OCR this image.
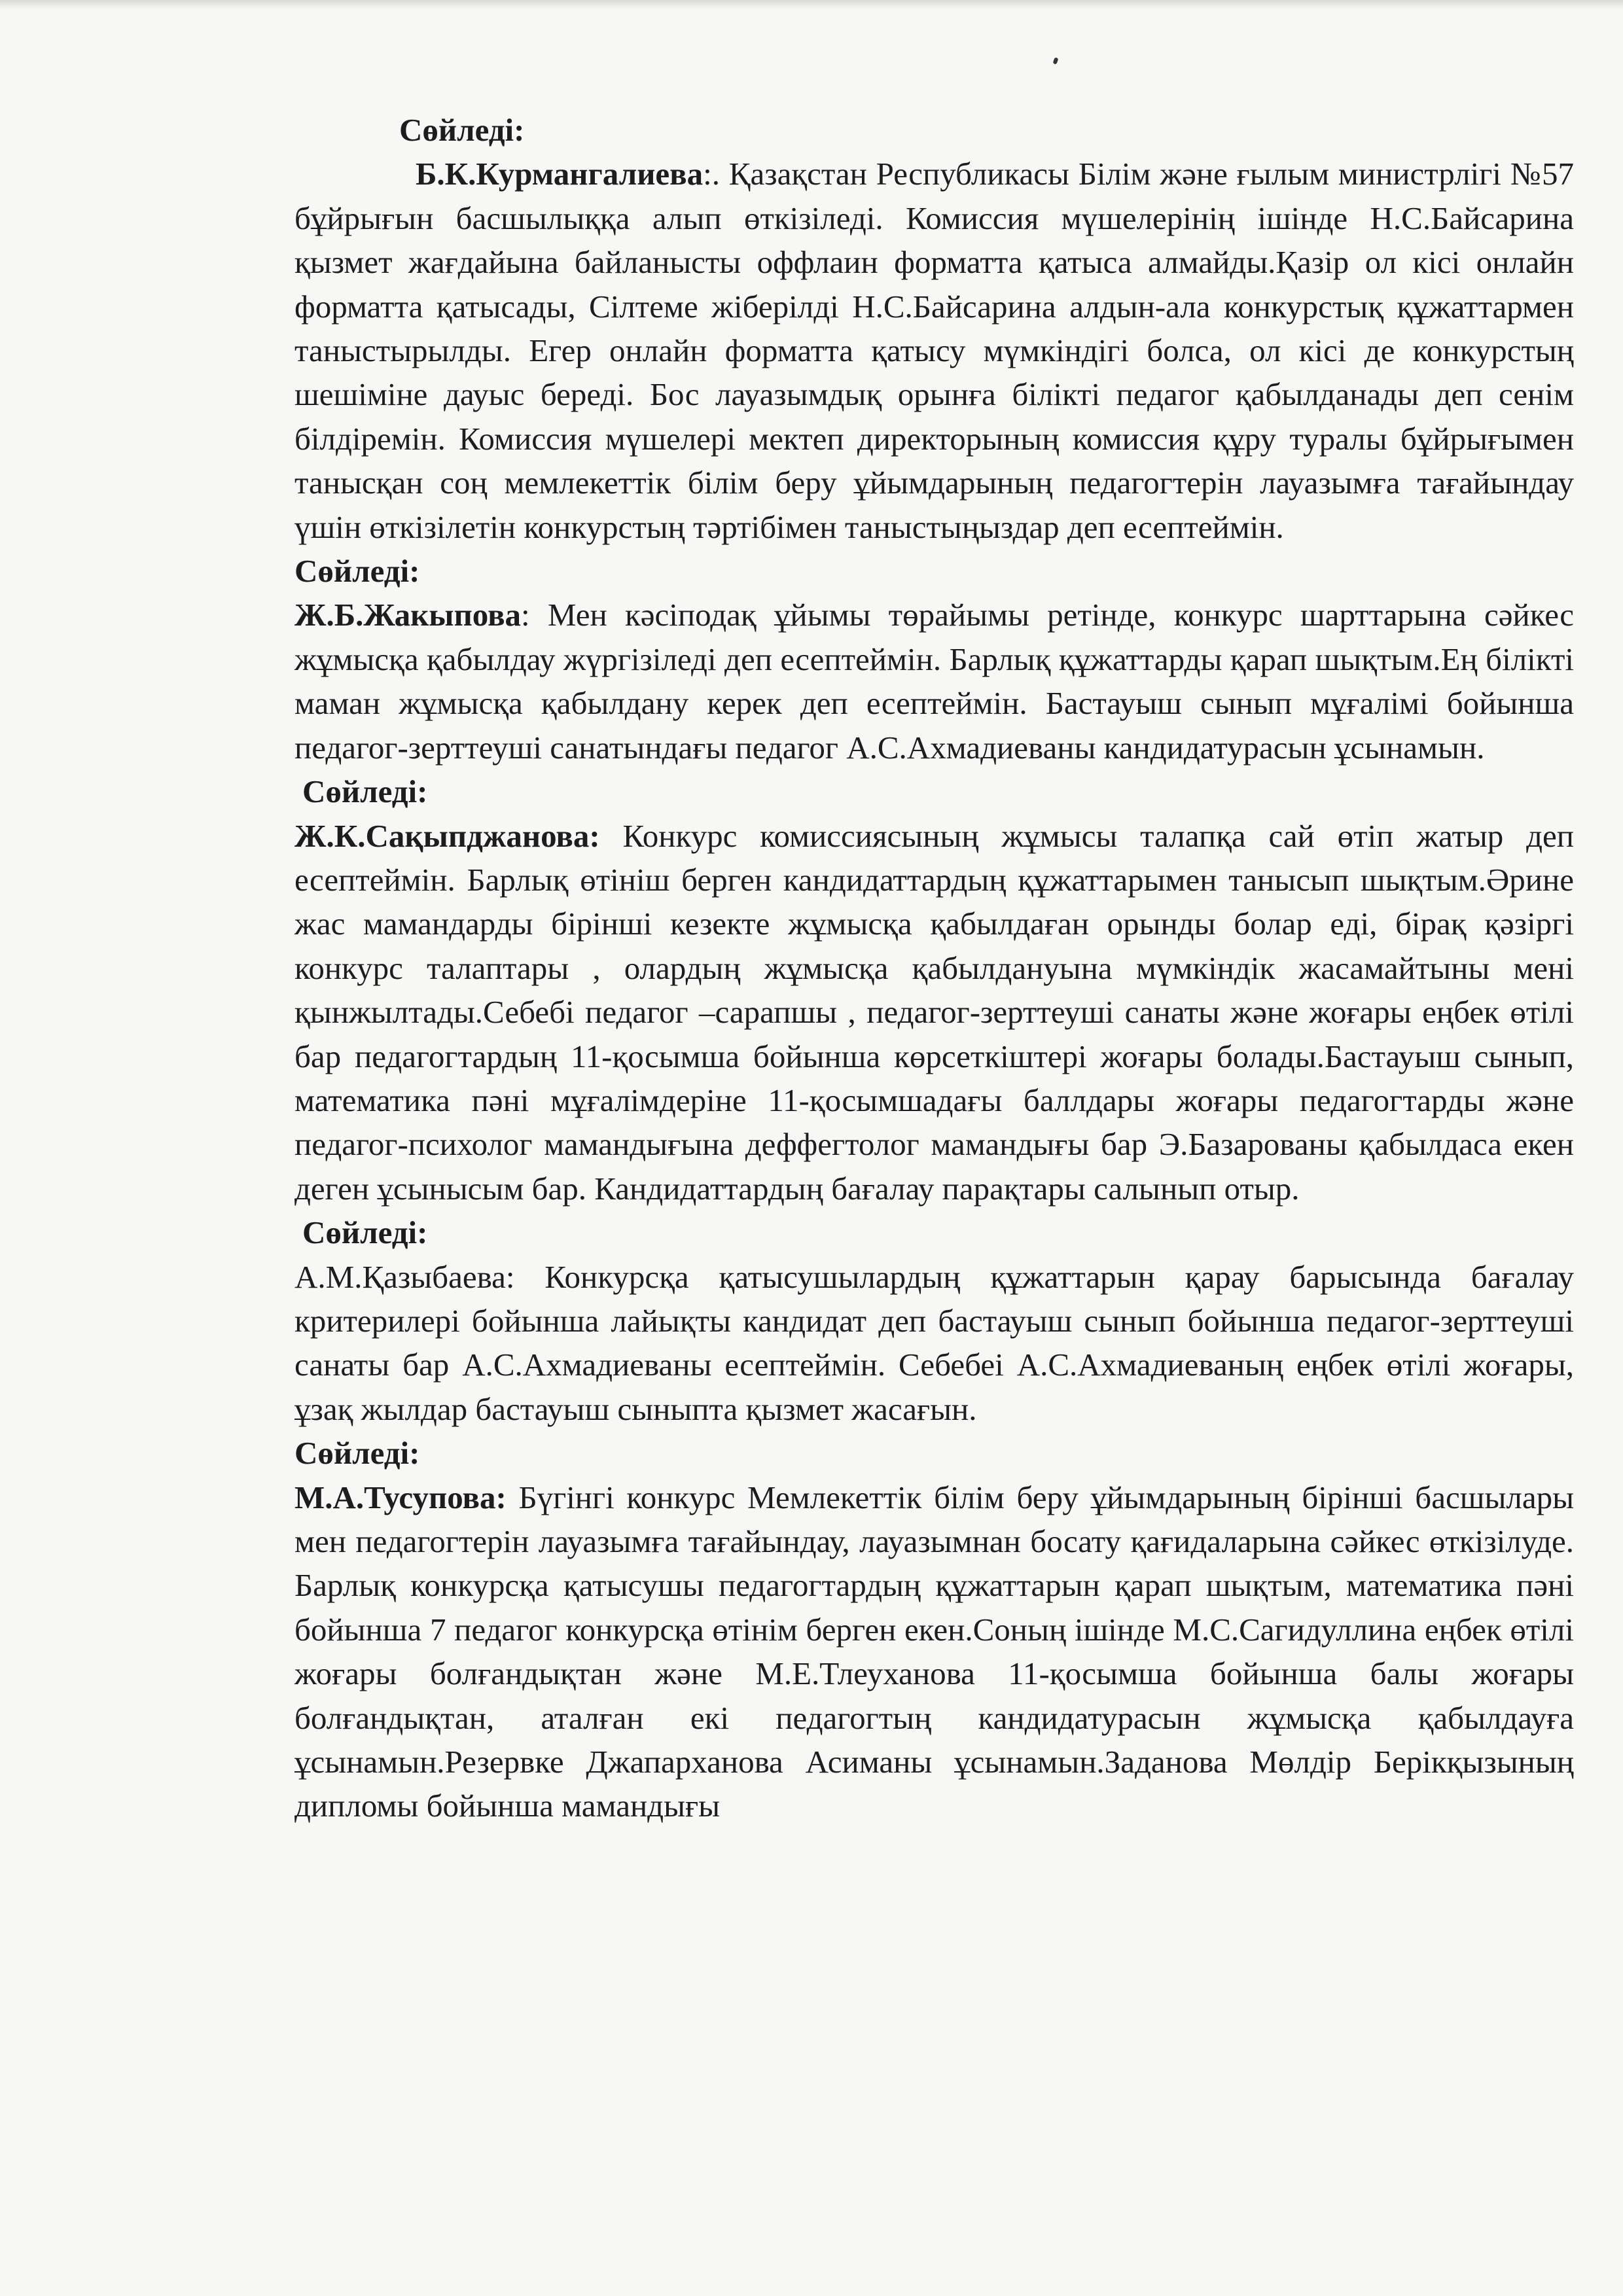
Сөйледі:

Б.К.Курмангалиева:. Қазақстан Республикасы Білім және ғылым министрлігі №57 бұйрығын басшылыққа алып өткізіледі. Комиссия мүшелерінің ішінде Н.С.Байсарина қызмет жағдайына байланысты оффлаин форматта қатыса алмайды.Қазір ол кісі онлайн форматта қатысады, Сілтеме жіберілді Н.С.Байсарина алдын-ала конкурстық құжаттармен таныстырылды. Егер онлайн форматта қатысу мүмкіндігі болса, ол кісі де конкурстың шешіміне дауыс береді. Бос лауазымдық орынға білікті педагог қабылданады деп сенім білдіремін. Комиссия мүшелері мектеп директорының комиссия құру туралы бұйрығымен танысқан соң мемлекеттік білім беру ұйымдарының педагогтерін лауазымға тағайындау үшін өткізілетін конкурстың тәртібімен таныстыңыздар деп есептеймін.

Сөйледі:

Ж.Б.Жакыпова: Мен кәсіподақ ұйымы төрайымы ретінде, конкурс шарттарына сәйкес жұмысқа қабылдау жүргізіледі деп есептеймін. Барлық құжаттарды қарап шықтым.Ең білікті маман жұмысқа қабылдану керек деп есептеймін. Бастауыш сынып мұғалімі бойынша педагог-зерттеуші санатындағы педагог А.С.Ахмадиеваны кандидатурасын ұсынамын.

Сөйледі:

Ж.К.Сақыпджанова: Конкурс комиссиясының жұмысы талапқа сай өтіп жатыр деп есептеймін. Барлық өтініш берген кандидаттардың құжаттарымен танысып шықтым.Әрине жас мамандарды бірінші кезекте жұмысқа қабылдаған орынды болар еді, бірақ қәзіргі конкурс талаптары , олардың жұмысқа қабылдануына мүмкіндік жасамайтыны мені қынжылтады.Себебі педагог –сарапшы , педагог-зерттеуші санаты және жоғары еңбек өтілі бар педагогтардың 11-қосымша бойынша көрсеткіштері жоғары болады.Бастауыш сынып, математика пәні мұғалімдеріне 11-қосымшадағы баллдары жоғары педагогтарды және педагог-психолог мамандығына деффегтолог мамандығы бар Э.Базарованы қабылдаса екен деген ұсынысым бар. Кандидаттардың бағалау парақтары салынып отыр.

Сөйледі:

А.М.Қазыбаева: Конкурсқа қатысушылардың құжаттарын қарау барысында бағалау критерилері бойынша лайықты кандидат деп бастауыш сынып бойынша педагог-зерттеуші санаты бар А.С.Ахмадиеваны есептеймін. Себебеі А.С.Ахмадиеваның еңбек өтілі жоғары, ұзақ жылдар бастауыш сыныпта қызмет жасағын.

Сөйледі:

М.А.Тусупова: Бүгінгі конкурс Мемлекеттік білім беру ұйымдарының бірінші басшылары мен педагогтерін лауазымға тағайындау, лауазымнан босату қағидаларына сәйкес өткізілуде. Барлық конкурсқа қатысушы педагогтардың құжаттарын қарап шықтым, математика пәні бойынша 7 педагог конкурсқа өтінім берген екен.Соның ішінде М.С.Сагидуллина еңбек өтілі жоғары болғандықтан және М.Е.Тлеуханова 11-қосымша бойынша балы жоғары болғандықтан, аталған екі педагогтың кандидатурасын жұмысқа қабылдауға ұсынамын.Резервке Джапарханова Асиманы ұсынамын.Заданова Мөлдір Берікқызының дипломы бойынша мамандығы
